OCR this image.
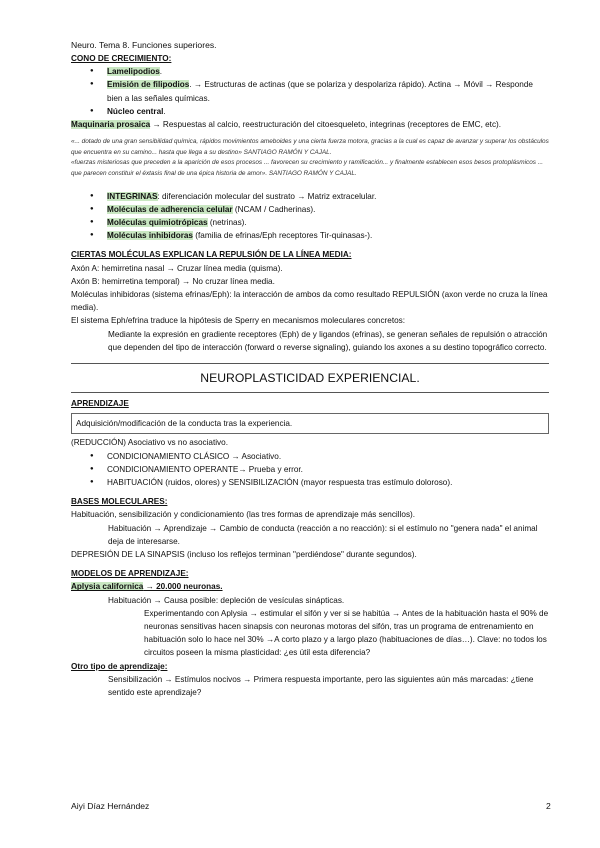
Neuro. Tema 8. Funciones superiores.

CONO DE CRECIMIENTO:

● Lamelipodios.
● Emisión de filipodios. → Estructuras de actinas (que se polariza y despolariza rápido). Actina → Móvil → Responde bien a las señales químicas.
● Núcleo central.

Maquinaria prosaica → Respuestas al calcio, reestructuración del citoesqueleto, integrinas (receptores de EMC, etc).

«... dotado de una gran sensibilidad química, rápidos movimientos ameboides y una cierta fuerza motora, gracias a la cual es capaz de avanzar y superar los obstáculos que encuentra en su camino... hasta que llega a su destino» SANTIAGO RAMÓN Y CAJAL.

«fuerzas misteriosas que preceden a la aparición de esos procesos ... favorecen su crecimiento y ramificación... y finalmente establecen esos besos protoplásmicos ... que parecen constituir el éxtasis final de una épica historia de amor». SANTIAGO RAMÓN Y CAJAL.

● INTEGRINAS: diferenciación molecular del sustrato → Matriz extracelular.
● Moléculas de adherencia celular (NCAM / Cadherinas).
● Moléculas quimiotrópicas (netrinas).
● Moléculas inhibidoras (familia de efrinas/Eph receptores Tir-quinasas-).

CIERTAS MOLÉCULAS EXPLICAN LA REPULSIÓN DE LA LÍNEA MEDIA:

Axón A: hemirretina nasal → Cruzar línea media (quisma).

Axón B: hemirretina temporal) → No cruzar línea media.

Moléculas inhibidoras (sistema efrinas/Eph): la interacción de ambos da como resultado REPULSIÓN (axon verde no cruza la línea media).

El sistema Eph/efrina traduce la hipótesis de Sperry en mecanismos moleculares concretos:

Mediante la expresión en gradiente receptores (Eph) de y ligandos (efrinas), se generan señales de repulsión o atracción que dependen del tipo de interacción (forward o reverse signaling), guiando los axones a su destino topográfico correcto.

NEUROPLASTICIDAD EXPERIENCIAL.

APRENDIZAJE

Adquisición/modificación de la conducta tras la experiencia.

(REDUCCIÓN) Asociativo vs no asociativo.

● CONDICIONAMIENTO CLÁSICO → Asociativo.
● CONDICIONAMIENTO OPERANTE→ Prueba y error.
● HABITUACIÓN (ruidos, olores) y SENSIBILIZACIÓN (mayor respuesta tras estímulo doloroso).

BASES MOLECULARES:

Habituación, sensibilización y condicionamiento (las tres formas de aprendizaje más sencillos).

Habituación → Aprendizaje → Cambio de conducta (reacción a no reacción): si el estímulo no "genera nada" el animal deja de interesarse.

DEPRESIÓN DE LA SINAPSIS (incluso los reflejos terminan "perdiéndose" durante segundos).

MODELOS DE APRENDIZAJE:

Aplysia californica → 20.000 neuronas.

Habituación → Causa posible: depleción de vesículas sinápticas.

Experimentando con Aplysia → estimular el sifón y ver si se habitúa → Antes de la habituación hasta el 90% de neuronas sensitivas hacen sinapsis con neuronas motoras del sifón, tras un programa de entrenamiento en habituación solo lo hace nel 30% →A corto plazo y a largo plazo (habituaciones de días…). Clave: no todos los circuitos poseen la misma plasticidad: ¿es útil esta diferencia?

Otro tipo de aprendizaje:

Sensibilización → Estímulos nocivos → Primera respuesta importante, pero las siguientes aún más marcadas: ¿tiene sentido este aprendizaje?

Aiyi Díaz Hernández	2
